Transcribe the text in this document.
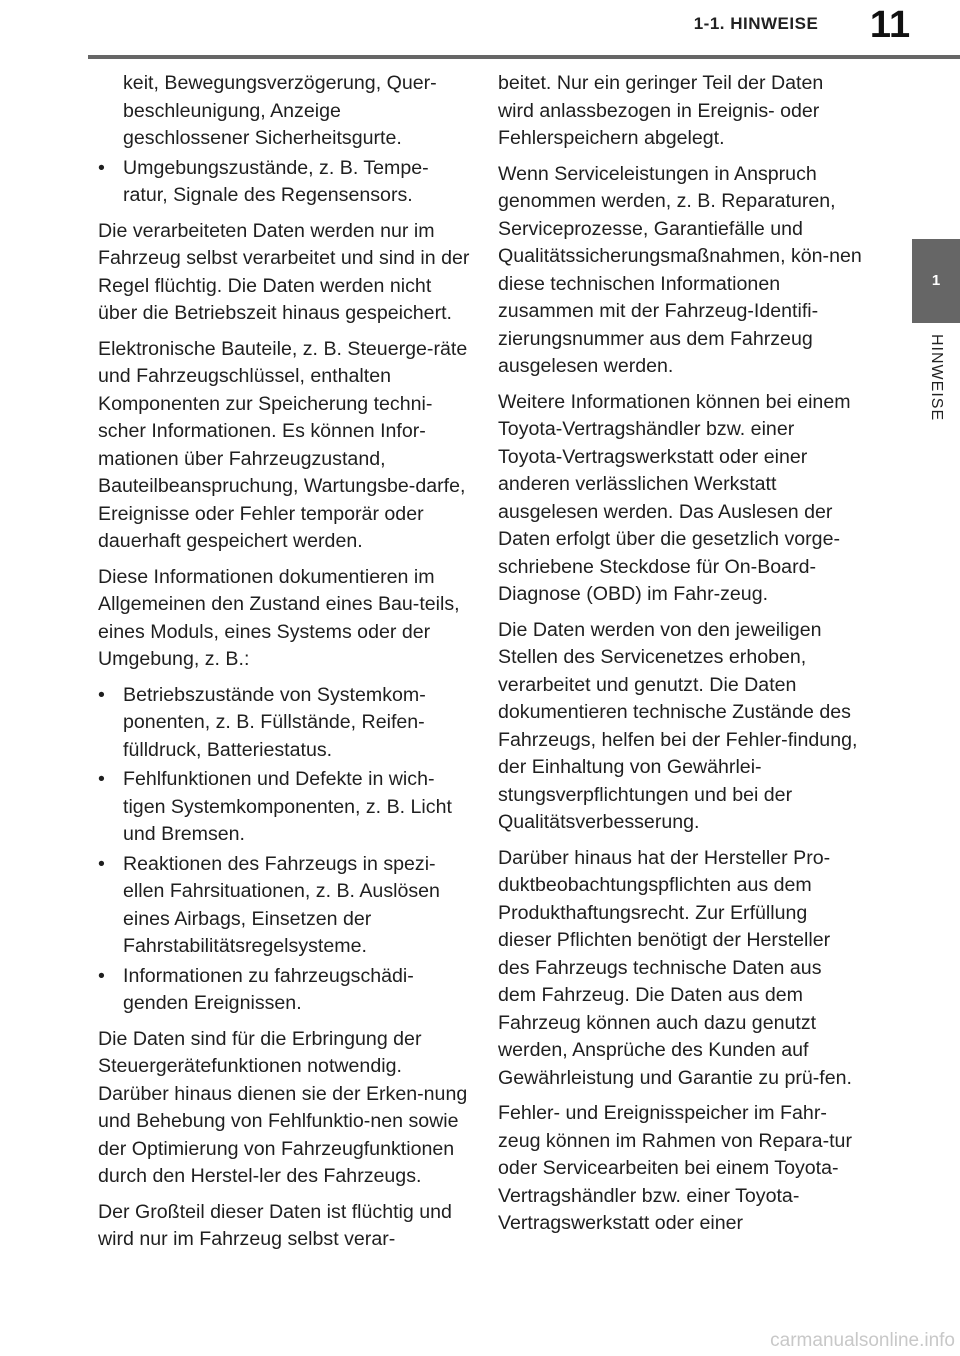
1-1. HINWEISE	11
1
HINWEISE

keit, Bewegungsverzögerung, Quer-beschleunigung, Anzeige geschlossener Sicherheitsgurte.

• Umgebungszustände, z. B. Tempe-ratur, Signale des Regensensors.

Die verarbeiteten Daten werden nur im Fahrzeug selbst verarbeitet und sind in der Regel flüchtig. Die Daten werden nicht über die Betriebszeit hinaus gespeichert.

Elektronische Bauteile, z. B. Steuerge-räte und Fahrzeugschlüssel, enthalten Komponenten zur Speicherung techni-scher Informationen. Es können Infor-mationen über Fahrzeugzustand, Bauteilbeanspruchung, Wartungsbe-darfe, Ereignisse oder Fehler temporär oder dauerhaft gespeichert werden.

Diese Informationen dokumentieren im Allgemeinen den Zustand eines Bau-teils, eines Moduls, eines Systems oder der Umgebung, z. B.:

• Betriebszustände von Systemkom-ponenten, z. B. Füllstände, Reifen-fülldruck, Batteriestatus.
• Fehlfunktionen und Defekte in wich-tigen Systemkomponenten, z. B. Licht und Bremsen.
• Reaktionen des Fahrzeugs in spezi-ellen Fahrsituationen, z. B. Auslösen eines Airbags, Einsetzen der Fahrstabilitätsregelsysteme.
• Informationen zu fahrzeugschädi-genden Ereignissen.

Die Daten sind für die Erbringung der Steuergerätefunktionen notwendig. Darüber hinaus dienen sie der Erken-nung und Behebung von Fehlfunktio-nen sowie der Optimierung von Fahrzeugfunktionen durch den Herstel-ler des Fahrzeugs.

Der Großteil dieser Daten ist flüchtig und wird nur im Fahrzeug selbst verar-

beitet. Nur ein geringer Teil der Daten wird anlassbezogen in Ereignis- oder Fehlerspeichern abgelegt.

Wenn Serviceleistungen in Anspruch genommen werden, z. B. Reparaturen, Serviceprozesse, Garantiefälle und Qualitätssicherungsmaßnahmen, kön-nen diese technischen Informationen zusammen mit der Fahrzeug-Identifi-zierungsnummer aus dem Fahrzeug ausgelesen werden.

Weitere Informationen können bei einem Toyota-Vertragshändler bzw. einer Toyota-Vertragswerkstatt oder einer anderen verlässlichen Werkstatt ausgelesen werden. Das Auslesen der Daten erfolgt über die gesetzlich vorge-schriebene Steckdose für On-Board-Diagnose (OBD) im Fahr-zeug.

Die Daten werden von den jeweiligen Stellen des Servicenetzes erhoben, verarbeitet und genutzt. Die Daten dokumentieren technische Zustände des Fahrzeugs, helfen bei der Fehler-findung, der Einhaltung von Gewährlei-stungsverpflichtungen und bei der Qualitätsverbesserung.

Darüber hinaus hat der Hersteller Pro-duktbeobachtungspflichten aus dem Produkthaftungsrecht. Zur Erfüllung dieser Pflichten benötigt der Hersteller des Fahrzeugs technische Daten aus dem Fahrzeug. Die Daten aus dem Fahrzeug können auch dazu genutzt werden, Ansprüche des Kunden auf Gewährleistung und Garantie zu prü-fen.

Fehler- und Ereignisspeicher im Fahr-zeug können im Rahmen von Repara-tur oder Servicearbeiten bei einem Toyota-Vertragshändler bzw. einer Toyota-Vertragswerkstatt oder einer

carmanualsonline.info
